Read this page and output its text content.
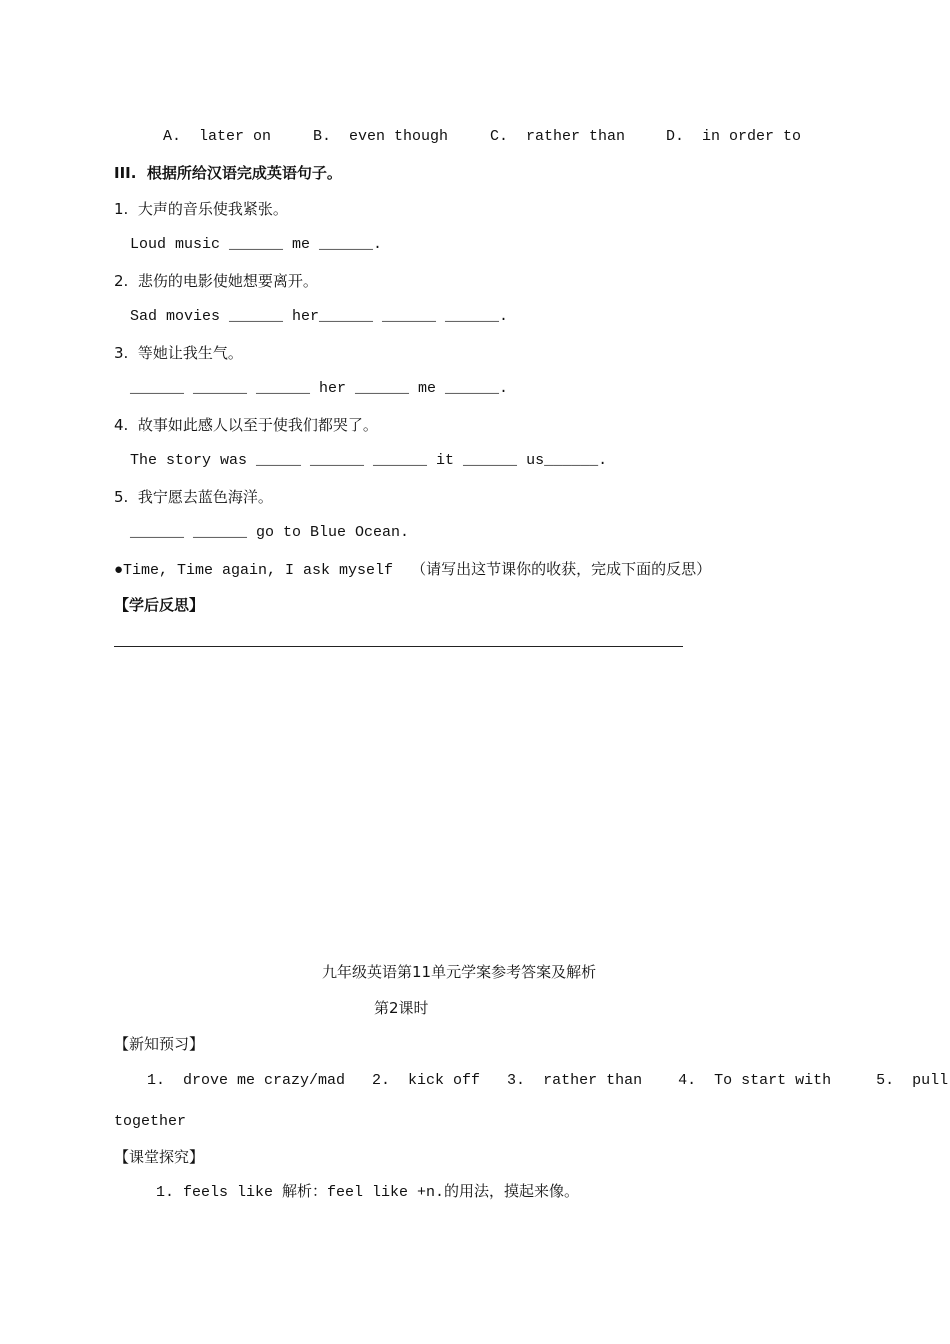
A.  later on	B.  even though	C.  rather than	D.  in order to
III.  根据所给汉语完成英语句子。
1.  大声的音乐使我紧张。
Loud music ______ me ______.
2.  悲伤的电影使她想要离开。
Sad movies ______ her______ ______ ______.
3.  等她让我生气。
______ ______ ______ her ______ me ______.
4.  故事如此感人以至于使我们都哭了。
The story was _____ ______ ______ it ______ us______.
5.  我宁愿去蓝色海洋。
______ ______ go to Blue Ocean.
●Time, Time again, I ask myself （请写出这节课你的收获，完成下面的反思）
【学后反思】
九年级英语第11单元学案参考答案及解析
第2课时
【新知预习】
1.  drove me crazy/mad   2.  kick off   3.  rather than    4.  To start with     5.  pull
together
【课堂探究】
1. feels like 解析：feel like +n.的用法，摸起来像。
